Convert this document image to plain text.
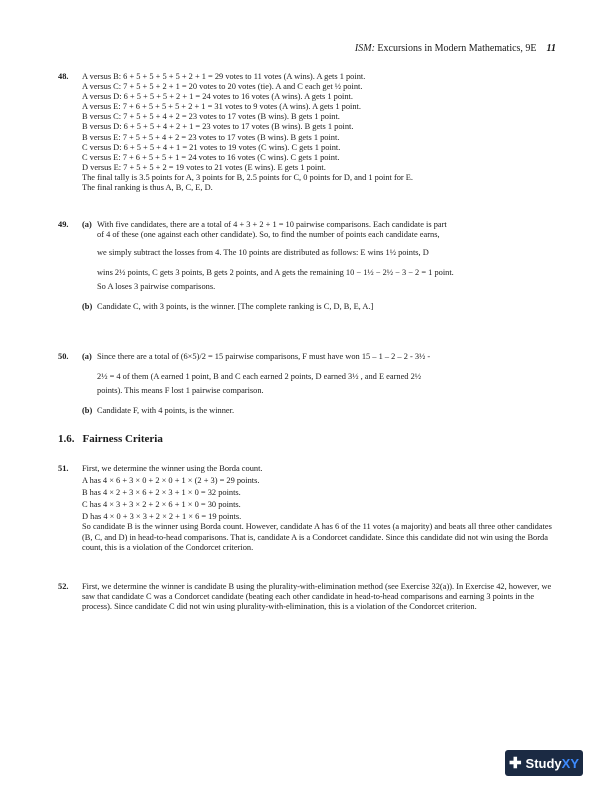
ISM: Excursions in Modern Mathematics, 9E 11
48. A versus B: 6 + 5 + 5 + 5 + 5 + 2 + 1 = 29 votes to 11 votes (A wins). A gets 1 point.
A versus C: 7 + 5 + 5 + 2 + 1 = 20 votes to 20 votes (tie). A and C each get ½ point.
A versus D: 6 + 5 + 5 + 5 + 2 + 1 = 24 votes to 16 votes (A wins). A gets 1 point.
A versus E: 7 + 6 + 5 + 5 + 5 + 2 + 1 = 31 votes to 9 votes (A wins). A gets 1 point.
B versus C: 7 + 5 + 5 + 4 + 2 = 23 votes to 17 votes (B wins). B gets 1 point.
B versus D: 6 + 5 + 5 + 4 + 2 + 1 = 23 votes to 17 votes (B wins). B gets 1 point.
B versus E: 7 + 5 + 5 + 4 + 2 = 23 votes to 17 votes (B wins). B gets 1 point.
C versus D: 6 + 5 + 5 + 4 + 1 = 21 votes to 19 votes (C wins). C gets 1 point.
C versus E: 7 + 6 + 5 + 5 + 1 = 24 votes to 16 votes (C wins). C gets 1 point.
D versus E: 7 + 5 + 5 + 2 = 19 votes to 21 votes (E wins). E gets 1 point.
The final tally is 3.5 points for A, 3 points for B, 2.5 points for C, 0 points for D, and 1 point for E.
The final ranking is thus A, B, C, E, D.
49. (a) With five candidates, there are a total of 4 + 3 + 2 + 1 = 10 pairwise comparisons. Each candidate is part
of 4 of these (one against each other candidate). So, to find the number of points each candidate earns,
we simply subtract the losses from 4. The 10 points are distributed as follows: E wins 1½ points, D
wins 2½ points, C gets 3 points, B gets 2 points, and A gets the remaining 10 − 1½ − 2½ − 3 − 2 = 1 point.
So A loses 3 pairwise comparisons.
(b) Candidate C, with 3 points, is the winner. [The complete ranking is C, D, B, E, A.]
50. (a) Since there are a total of (6×5)/2 = 15 pairwise comparisons, F must have won 15 – 1 – 2 – 2 - 3½ -
2½ = 4 of them (A earned 1 point, B and C each earned 2 points, D earned 3½ , and E earned 2½
points). This means F lost 1 pairwise comparison.
(b) Candidate F, with 4 points, is the winner.
1.6. Fairness Criteria
51. First, we determine the winner using the Borda count.
A has 4 × 6 + 3 × 0 + 2 × 0 + 1 × (2 + 3) = 29 points.
B has 4 × 2 + 3 × 6 + 2 × 3 + 1 × 0 = 32 points.
C has 4 × 3 + 3 × 2 + 2 × 6 + 1 × 0 = 30 points.
D has 4 × 0 + 3 × 3 + 2 × 2 + 1 × 6 = 19 points.
So candidate B is the winner using Borda count. However, candidate A has 6 of the 11 votes (a majority) and beats all three other candidates (B, C, and D) in head-to-head comparisons. That is, candidate A is a Condorcet candidate. Since this candidate did not win using the Borda count, this is a violation of the Condorcet criterion.
52. First, we determine the winner is candidate B using the plurality-with-elimination method (see Exercise 32(a)). In Exercise 42, however, we saw that candidate C was a Condorcet candidate (beating each other candidate in head-to-head comparisons and earning 3 points in the process). Since candidate C did not win using plurality-with-elimination, this is a violation of the Condorcet criterion.
✚ Study XY
